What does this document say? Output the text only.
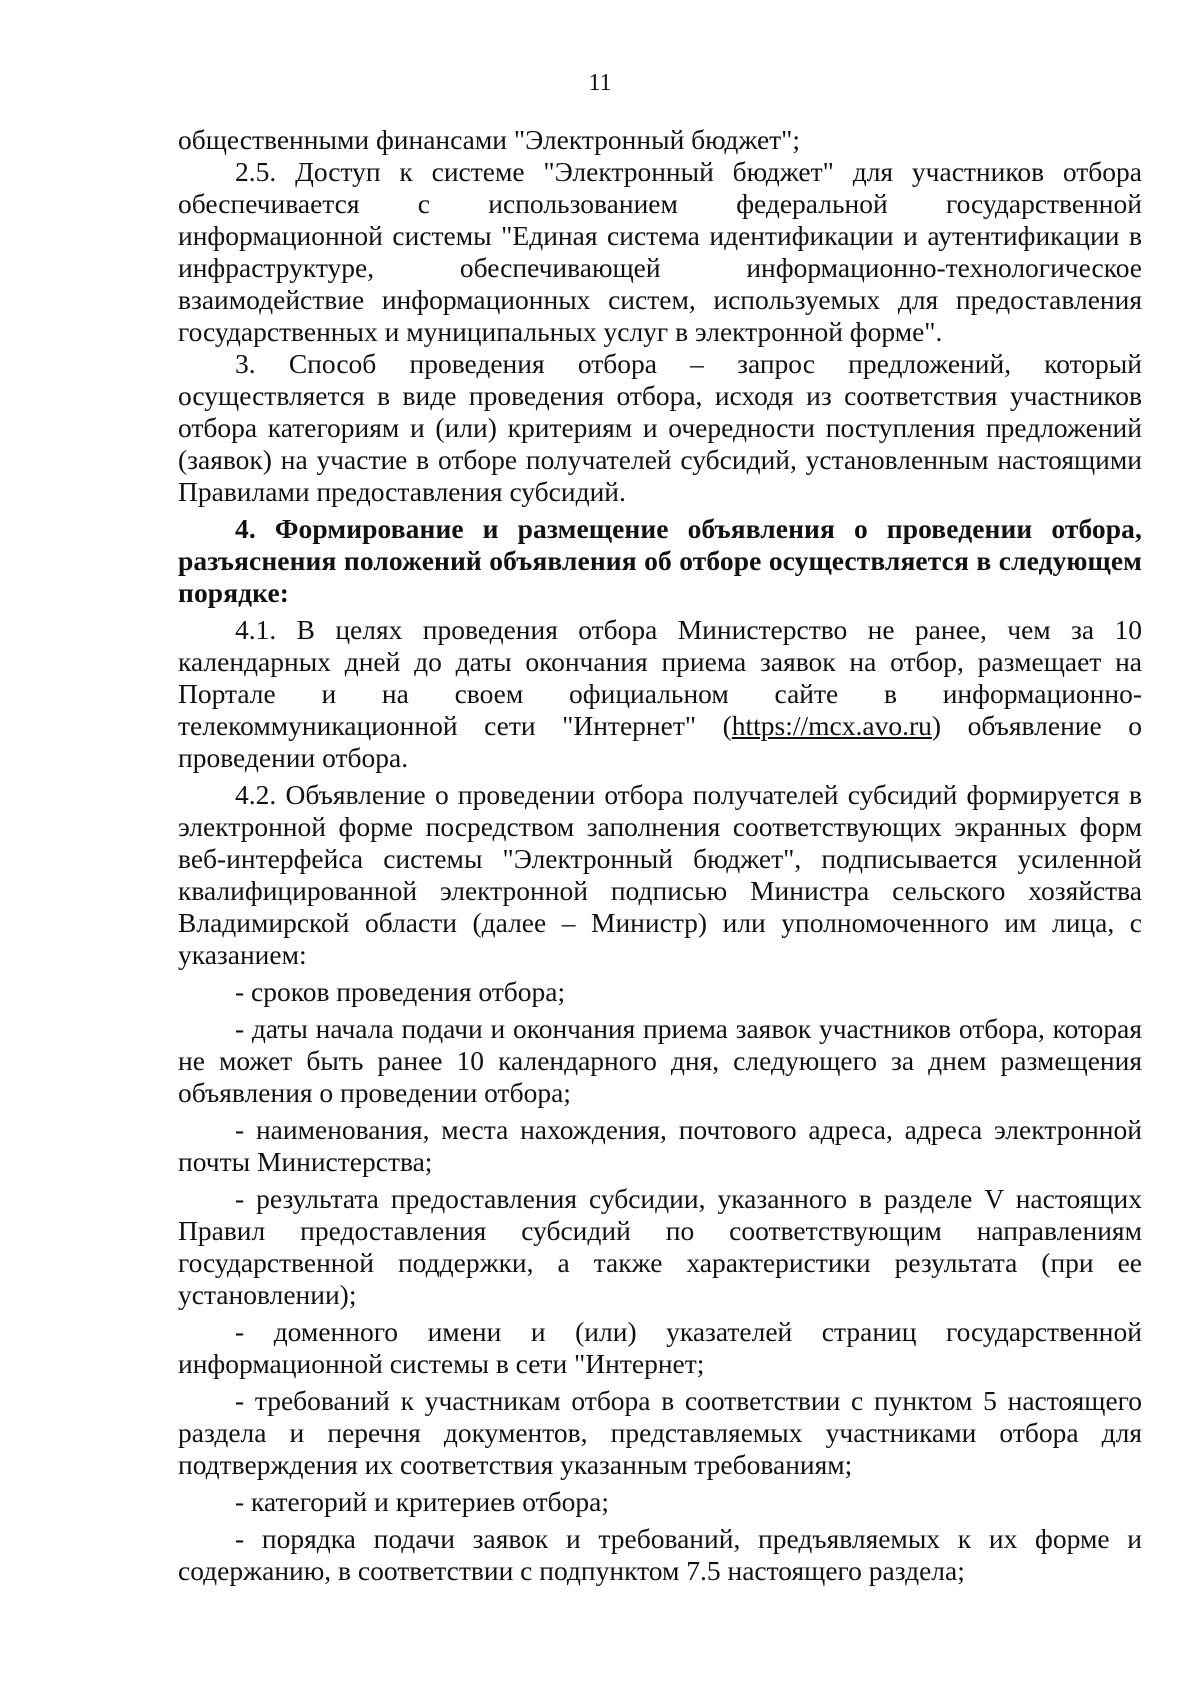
11

общественными финансами "Электронный бюджет";

2.5. Доступ к системе "Электронный бюджет" для участников отбора обеспечивается с использованием федеральной государственной информационной системы "Единая система идентификации и аутентификации в инфраструктуре, обеспечивающей информационно-технологическое взаимодействие информационных систем, используемых для предоставления государственных и муниципальных услуг в электронной форме".

3. Способ проведения отбора – запрос предложений, который осуществляется в виде проведения отбора, исходя из соответствия участников отбора категориям и (или) критериям и очередности поступления предложений (заявок) на участие в отборе получателей субсидий, установленным настоящими Правилами предоставления субсидий.

4. Формирование и размещение объявления о проведении отбора, разъяснения положений объявления об отборе осуществляется в следующем порядке:

4.1. В целях проведения отбора Министерство не ранее, чем за 10 календарных дней до даты окончания приема заявок на отбор, размещает на Портале и на своем официальном сайте в информационно-телекоммуникационной сети "Интернет" (https://mcx.avo.ru) объявление о проведении отбора.

4.2. Объявление о проведении отбора получателей субсидий формируется в электронной форме посредством заполнения соответствующих экранных форм веб-интерфейса системы "Электронный бюджет", подписывается усиленной квалифицированной электронной подписью Министра сельского хозяйства Владимирской области (далее – Министр) или уполномоченного им лица, с указанием:

- сроков проведения отбора;

- даты начала подачи и окончания приема заявок участников отбора, которая не может быть ранее 10 календарного дня, следующего за днем размещения объявления о проведении отбора;

- наименования, места нахождения, почтового адреса, адреса электронной почты Министерства;

- результата предоставления субсидии, указанного в разделе V настоящих Правил предоставления субсидий по соответствующим направлениям государственной поддержки, а также характеристики результата (при ее установлении);

- доменного имени и (или) указателей страниц государственной информационной системы в сети "Интернет;

- требований к участникам отбора в соответствии с пунктом 5 настоящего раздела и перечня документов, представляемых участниками отбора для подтверждения их соответствия указанным требованиям;

- категорий и критериев отбора;

- порядка подачи заявок и требований, предъявляемых к их форме и содержанию, в соответствии с подпунктом 7.5 настоящего раздела;
